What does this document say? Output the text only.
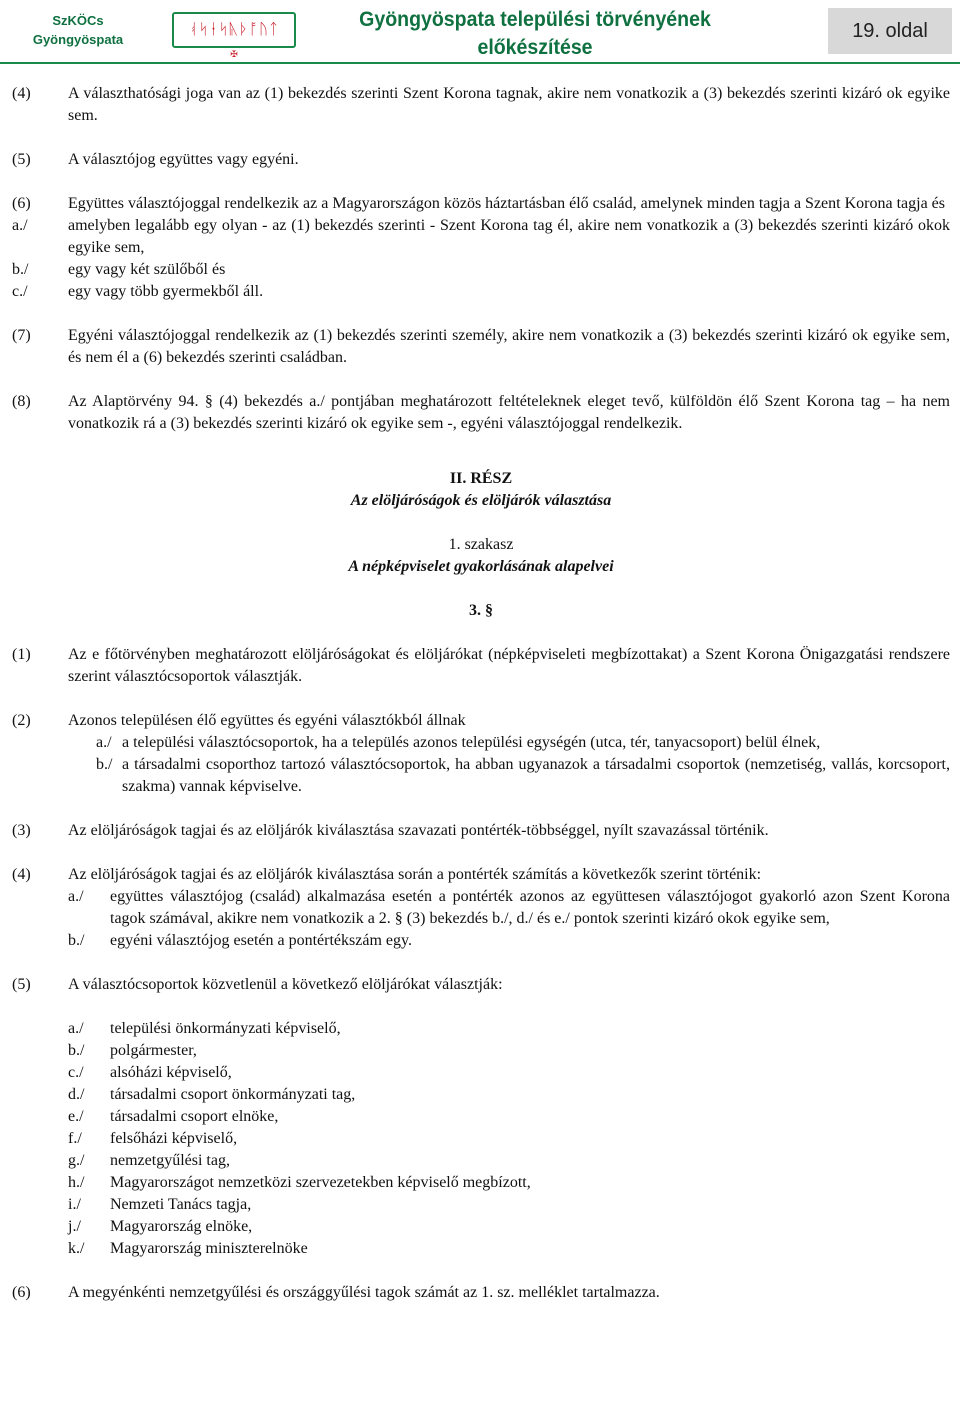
SzKÖCs
Gyöngyöspata
ᚮᛋᛂᛋᚣᚦᚩᚢᛏ
✠
Gyöngyöspata települési törvényének
előkészítése
19. oldal
(4) A választhatósági joga van az (1) bekezdés szerinti Szent Korona tagnak, akire nem vonatkozik a (3) bekezdés szerinti kizáró ok egyike sem.
(5) A választójog együttes vagy egyéni.
(6) Együttes választójoggal rendelkezik az a Magyarországon közös háztartásban élő család, amelynek minden tagja a Szent Korona tagja és
a./	amelyben legalább egy olyan - az (1) bekezdés szerinti - Szent Korona tag él, akire nem vonatkozik a (3) bekezdés szerinti kizáró okok egyike sem,
b./ egy vagy két szülőből és
c./	egy vagy több gyermekből áll.
(7) Egyéni választójoggal rendelkezik az (1) bekezdés szerinti személy, akire nem vonatkozik a (3) bekezdés szerinti kizáró ok egyike sem, és nem él a (6) bekezdés szerinti családban.
(8) Az Alaptörvény 94. § (4) bekezdés a./ pontjában meghatározott feltételeknek eleget tevő, külföldön élő Szent Korona tag – ha nem vonatkozik rá a (3) bekezdés szerinti kizáró ok egyike sem -, egyéni választójoggal rendelkezik.
II. RÉSZ
Az elöljáróságok és elöljárók választása
1. szakasz
A népképviselet gyakorlásának alapelvei
3. §
(1) Az e főtörvényben meghatározott elöljáróságokat és elöljárókat (népképviseleti megbízottakat) a Szent Korona Önigazgatási rendszere szerint választócsoportok választják.
(2) Azonos településen élő együttes és egyéni választókból állnak
a./ a települési választócsoportok, ha a település azonos települési egységén (utca, tér, tanyacsoport) belül élnek,
b./ a társadalmi csoporthoz tartozó választócsoportok, ha abban ugyanazok a társadalmi csoportok (nemzetiség, vallás, korcsoport, szakma) vannak képviselve.
(3) Az elöljáróságok tagjai és az elöljárók kiválasztása szavazati pontérték-többséggel, nyílt szavazással történik.
(4) Az elöljáróságok tagjai és az elöljárók kiválasztása során a pontérték számítás a következők szerint történik:
a./ együttes választójog (család) alkalmazása esetén a pontérték azonos az együttesen választójogot gyakorló azon Szent Korona tagok számával, akikre nem vonatkozik a 2. § (3) bekezdés b./, d./ és e./ pontok szerinti kizáró okok egyike sem,
b./ egyéni választójog esetén a pontértékszám egy.
(5) A választócsoportok közvetlenül a következő elöljárókat választják:
a./ települési önkormányzati képviselő,
b./ polgármester,
c./ alsóházi képviselő,
d./ társadalmi csoport önkormányzati tag,
e./ társadalmi csoport elnöke,
f./ felsőházi képviselő,
g./ nemzetgyűlési tag,
h./ Magyarországot nemzetközi szervezetekben képviselő megbízott,
i./ Nemzeti Tanács tagja,
j./ Magyarország elnöke,
k./ Magyarország miniszterelnöke
(6) A megyénkénti nemzetgyűlési és országgyűlési tagok számát az 1. sz. melléklet tartalmazza.
